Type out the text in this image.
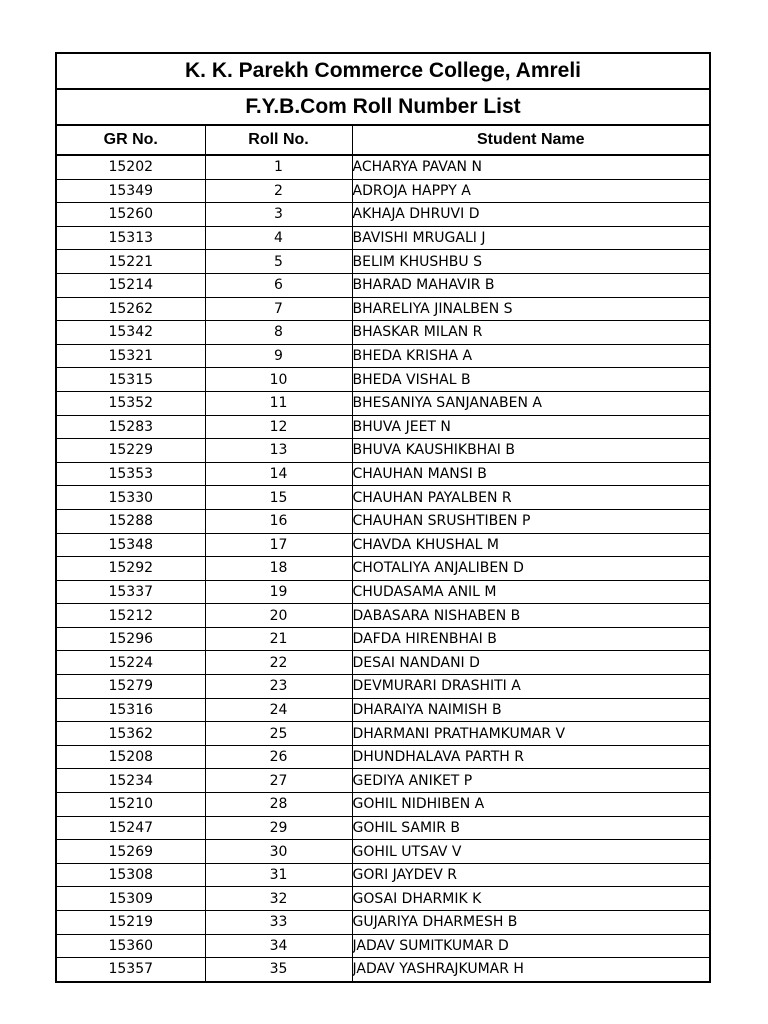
K. K. Parekh Commerce College, Amreli
F.Y.B.Com Roll Number List
GR No.	Roll No.	Student Name
15202	1	ACHARYA PAVAN N
15349	2	ADROJA HAPPY A
15260	3	AKHAJA DHRUVI D
15313	4	BAVISHI MRUGALI J
15221	5	BELIM KHUSHBU S
15214	6	BHARAD MAHAVIR B
15262	7	BHARELIYA JINALBEN S
15342	8	BHASKAR MILAN R
15321	9	BHEDA KRISHA A
15315	10	BHEDA VISHAL B
15352	11	BHESANIYA SANJANABEN A
15283	12	BHUVA JEET N
15229	13	BHUVA KAUSHIKBHAI B
15353	14	CHAUHAN MANSI B
15330	15	CHAUHAN PAYALBEN R
15288	16	CHAUHAN SRUSHTIBEN P
15348	17	CHAVDA KHUSHAL M
15292	18	CHOTALIYA ANJALIBEN D
15337	19	CHUDASAMA ANIL M
15212	20	DABASARA NISHABEN B
15296	21	DAFDA HIRENBHAI B
15224	22	DESAI NANDANI D
15279	23	DEVMURARI DRASHITI A
15316	24	DHARAIYA NAIMISH B
15362	25	DHARMANI PRATHAMKUMAR V
15208	26	DHUNDHALAVA PARTH R
15234	27	GEDIYA ANIKET P
15210	28	GOHIL NIDHIBEN A
15247	29	GOHIL SAMIR B
15269	30	GOHIL UTSAV V
15308	31	GORI JAYDEV R
15309	32	GOSAI DHARMIK K
15219	33	GUJARIYA DHARMESH B
15360	34	JADAV SUMITKUMAR D
15357	35	JADAV YASHRAJKUMAR H
